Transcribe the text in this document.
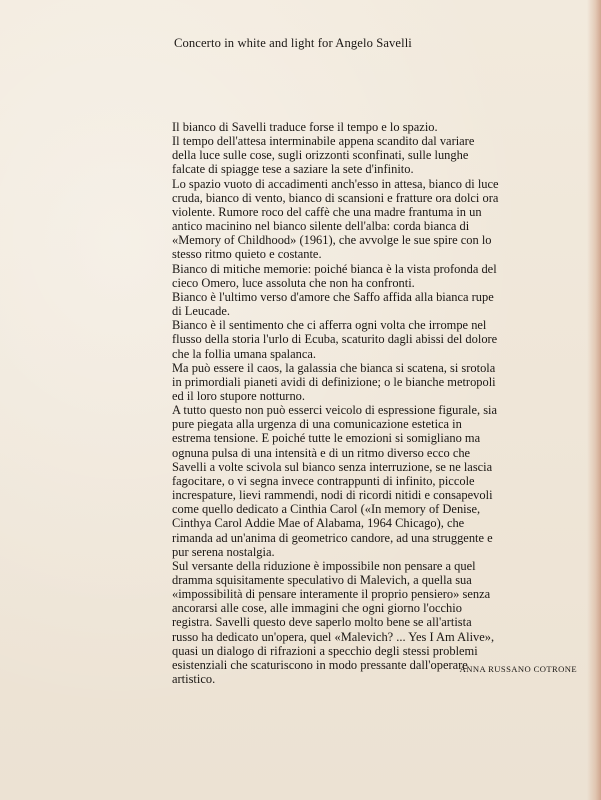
Concerto in white and light for Angelo Savelli
Il bianco di Savelli traduce forse il tempo e lo spazio.
Il tempo dell'attesa interminabile appena scandito dal variare
della luce sulle cose, sugli orizzonti sconfinati, sulle lunghe
falcate di spiagge tese a saziare la sete d'infinito.
Lo spazio vuoto di accadimenti anch'esso in attesa, bianco di luce
cruda, bianco di vento, bianco di scansioni e fratture ora dolci ora
violente. Rumore roco del caffè che una madre frantuma in un
antico macinino nel bianco silente dell'alba: corda bianca di
«Memory of Childhood» (1961), che avvolge le sue spire con lo
stesso ritmo quieto e costante.
Bianco di mitiche memorie: poiché bianca è la vista profonda del
cieco Omero, luce assoluta che non ha confronti.
Bianco è l'ultimo verso d'amore che Saffo affida alla bianca rupe
di Leucade.
Bianco è il sentimento che ci afferra ogni volta che irrompe nel
flusso della storia l'urlo di Ecuba, scaturito dagli abissi del dolore
che la follia umana spalanca.
Ma può essere il caos, la galassia che bianca si scatena, si srotola
in primordiali pianeti avidi di definizione; o le bianche metropoli
ed il loro stupore notturno.
A tutto questo non può esserci veicolo di espressione figurale, sia
pure piegata alla urgenza di una comunicazione estetica in
estrema tensione. E poiché tutte le emozioni si somigliano ma
ognuna pulsa di una intensità e di un ritmo diverso ecco che
Savelli a volte scivola sul bianco senza interruzione, se ne lascia
fagocitare, o vi segna invece contrappunti di infinito, piccole
increspature, lievi rammendi, nodi di ricordi nitidi e consapevoli
come quello dedicato a Cinthia Carol («In memory of Denise,
Cinthya Carol Addie Mae of Alabama, 1964 Chicago), che
rimanda ad un'anima di geometrico candore, ad una struggente e
pur serena nostalgia.
Sul versante della riduzione è impossibile non pensare a quel
dramma squisitamente speculativo di Malevich, a quella sua
«impossibilità di pensare interamente il proprio pensiero» senza
ancorarsi alle cose, alle immagini che ogni giorno l'occhio
registra. Savelli questo deve saperlo molto bene se all'artista
russo ha dedicato un'opera, quel «Malevich? ... Yes I Am Alive»,
quasi un dialogo di rifrazioni a specchio degli stessi problemi
esistenziali che scaturiscono in modo pressante dall'operare
artistico.
ANNA RUSSANO COTRONE
